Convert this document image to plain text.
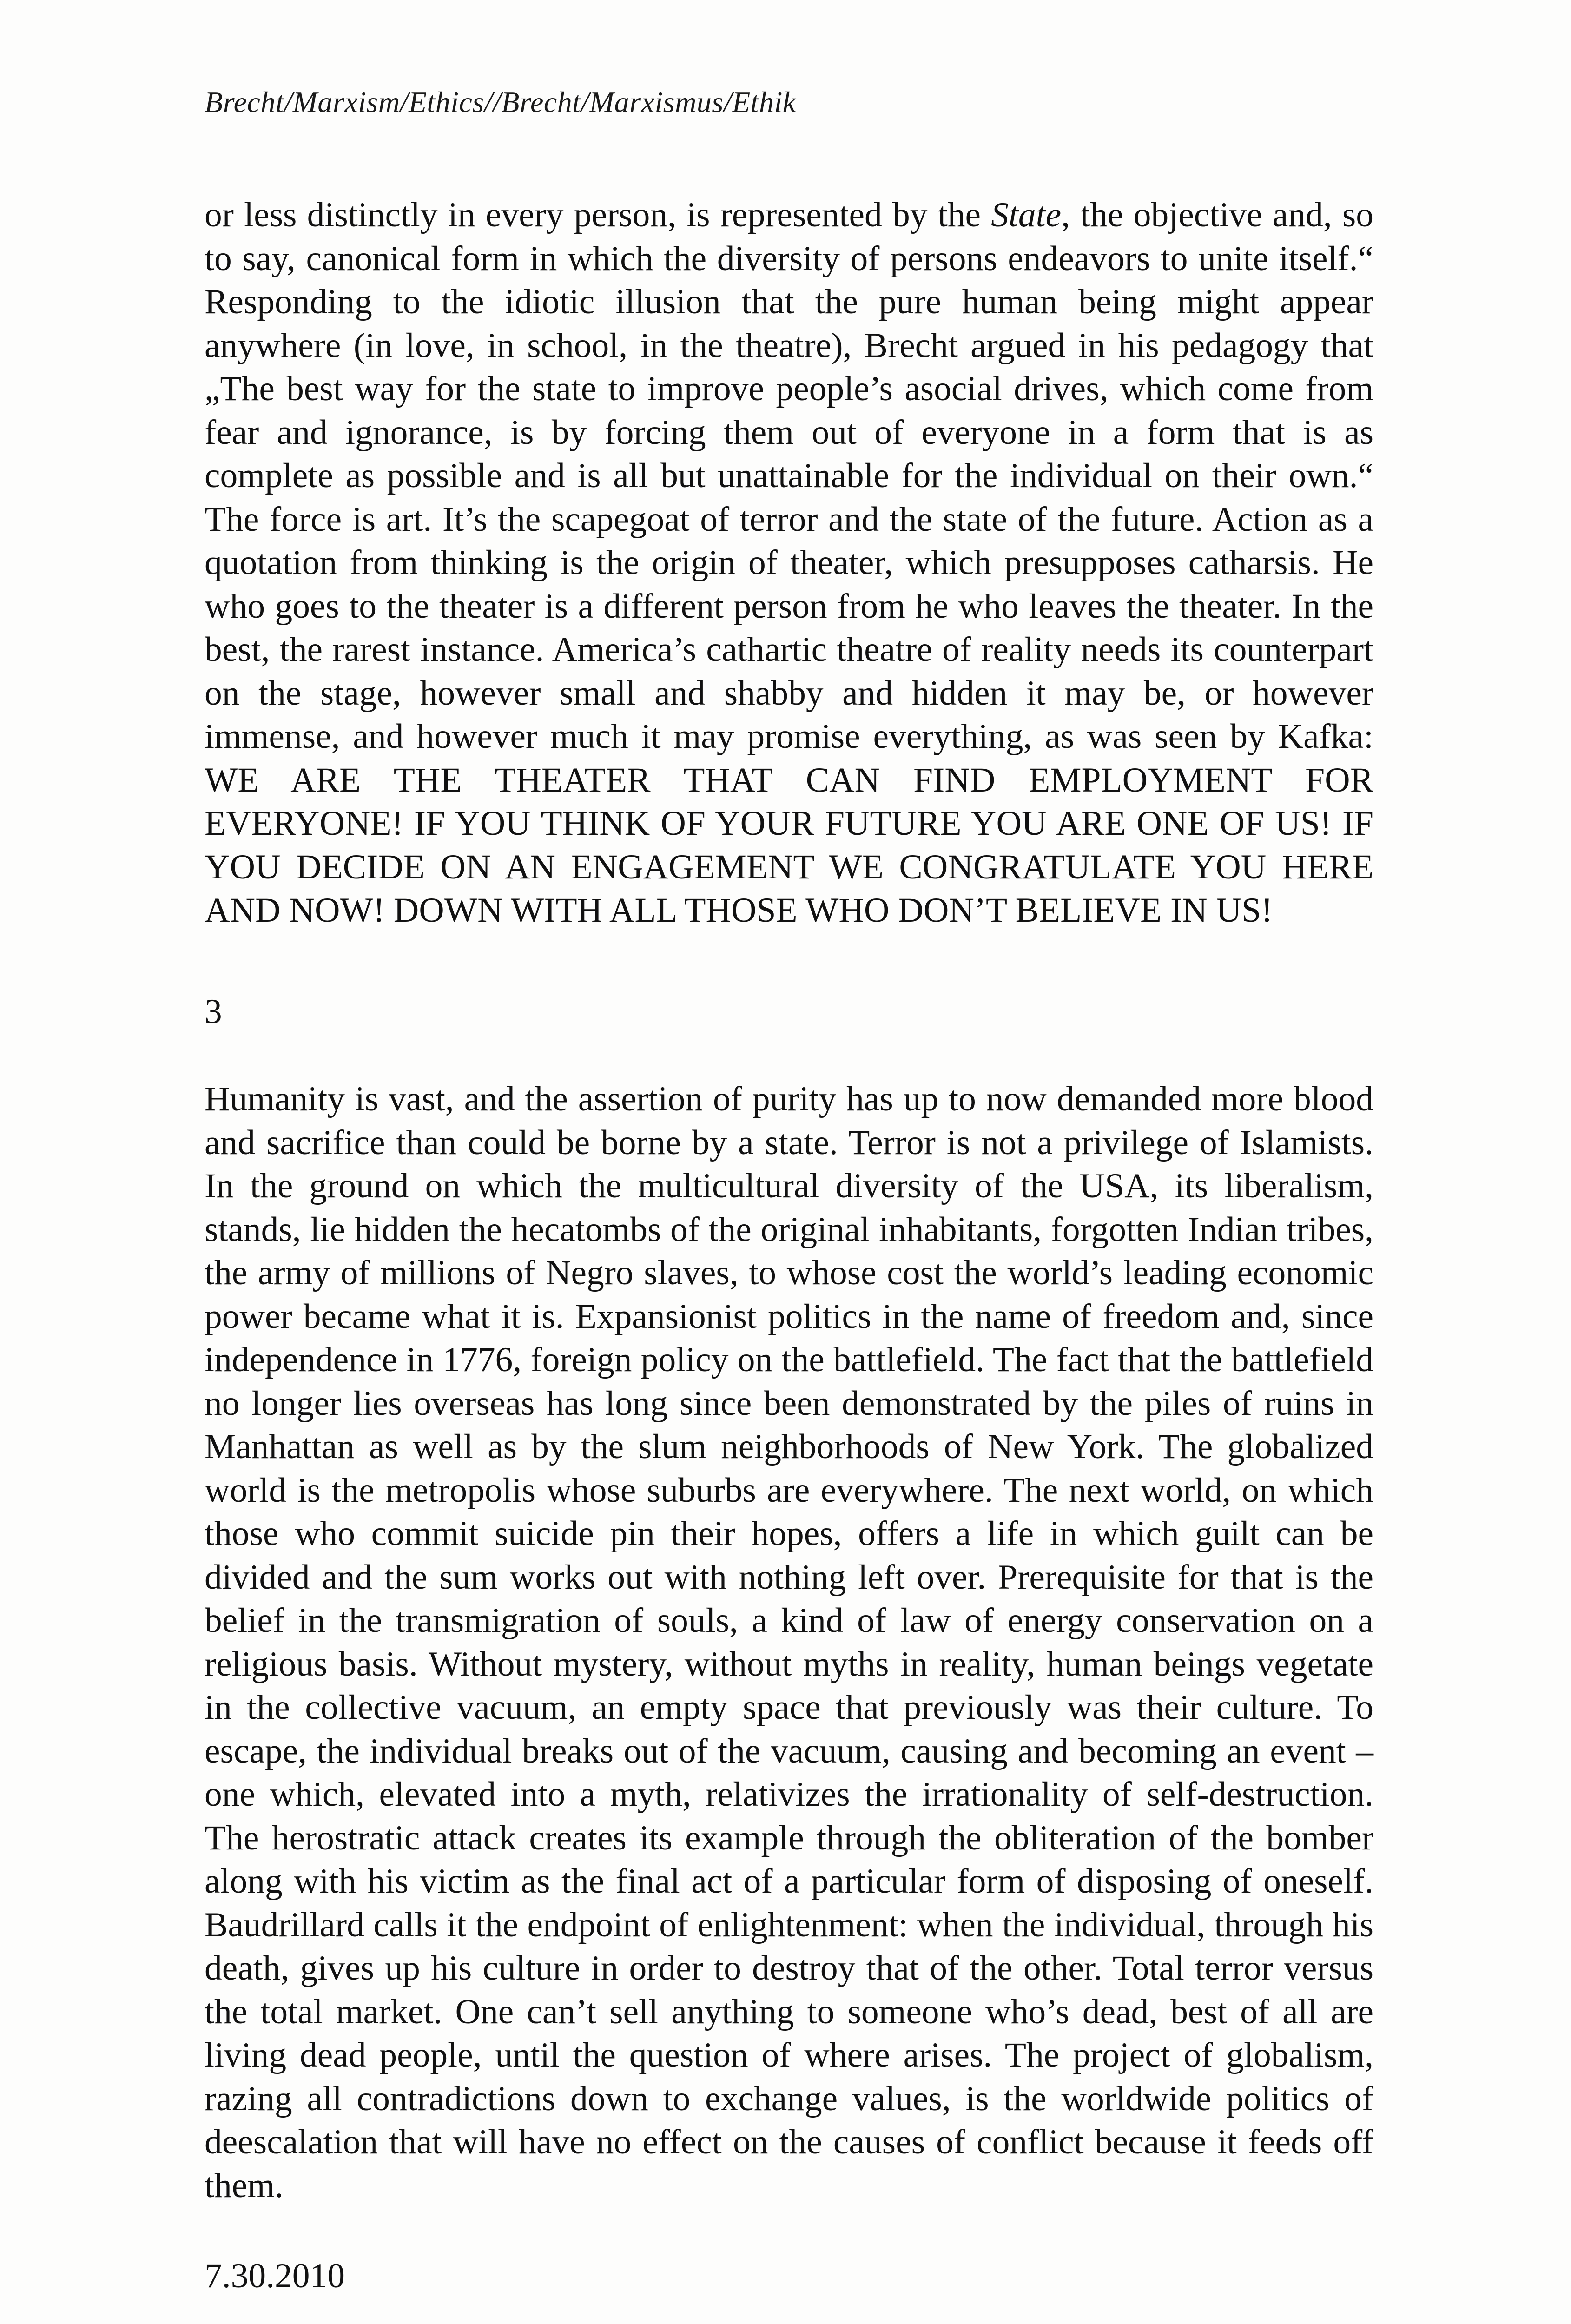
Brecht/Marxism/Ethics//Brecht/Marxismus/Ethik

or less distinctly in every person, is represented by the State, the objective and, so to say, canonical form in which the diversity of persons endeavors to unite itself.“ Responding to the idiotic illusion that the pure human being might appear anywhere (in love, in school, in the theatre), Brecht argued in his pedagogy that „The best way for the state to improve people’s asocial drives, which come from fear and ignorance, is by forcing them out of everyone in a form that is as complete as possible and is all but unattainable for the individual on their own.“ The force is art. It’s the scapegoat of terror and the state of the future. Action as a quotation from thinking is the origin of theater, which presupposes catharsis. He who goes to the theater is a different person from he who leaves the theater. In the best, the rarest instance. America’s cathartic theatre of reality needs its counterpart on the stage, however small and shabby and hidden it may be, or however immense, and however much it may promise everything, as was seen by Kafka: WE ARE THE THEATER THAT CAN FIND EMPLOYMENT FOR EVERYONE! IF YOU THINK OF YOUR FUTURE YOU ARE ONE OF US! IF YOU DECIDE ON AN ENGAGEMENT WE CONGRATULATE YOU HERE AND NOW! DOWN WITH ALL THOSE WHO DON’T BELIEVE IN US!

3

Humanity is vast, and the assertion of purity has up to now demanded more blood and sacrifice than could be borne by a state. Terror is not a privilege of Islamists. In the ground on which the multicultural diversity of the USA, its liberalism, stands, lie hidden the hecatombs of the original inhabitants, forgotten Indian tribes, the army of millions of Negro slaves, to whose cost the world’s leading economic power became what it is. Expansionist politics in the name of freedom and, since independence in 1776, foreign policy on the battlefield. The fact that the battlefield no longer lies overseas has long since been demonstrated by the piles of ruins in Manhattan as well as by the slum neighborhoods of New York. The globalized world is the metropolis whose suburbs are everywhere. The next world, on which those who commit suicide pin their hopes, offers a life in which guilt can be divided and the sum works out with nothing left over. Prerequisite for that is the belief in the transmigration of souls, a kind of law of energy conservation on a religious basis. Without mystery, without myths in reality, human beings vegetate in the collective vacuum, an empty space that previously was their culture. To escape, the individual breaks out of the vacuum, causing and becoming an event – one which, elevated into a myth, relativizes the irrationality of self-destruction. The herostratic attack creates its example through the obliteration of the bomber along with his victim as the final act of a particular form of disposing of oneself. Baudrillard calls it the endpoint of enlightenment: when the individual, through his death, gives up his culture in order to destroy that of the other. Total terror versus the total market. One can’t sell anything to someone who’s dead, best of all are living dead people, until the question of where arises. The project of globalism, razing all contradictions down to exchange values, is the worldwide politics of deescalation that will have no effect on the causes of conflict because it feeds off them.

7.30.2010
